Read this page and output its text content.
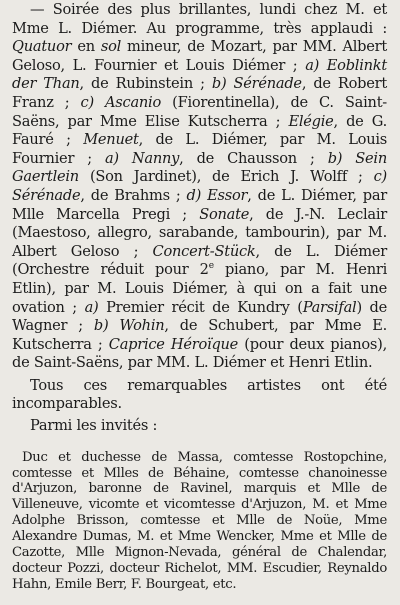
— Soirée des plus brillantes, lundi chez M. et Mme L. Diémer. Au programme, très applaudi : Quatuor en sol mineur, de Mozart, par MM. Albert Geloso, L. Fournier et Louis Diémer ; a) Eoblinkt der Than, de Rubinstein ; b) Sérénade, de Robert Franz ; c) Ascanio (Fiorentinella), de C. Saint-Saëns, par Mme Elise Kutscherra ; Elégie, de G. Fauré ; Menuet, de L. Diémer, par M. Louis Fournier ; a) Nanny, de Chausson ; b) Sein Gaertlein (Son Jardinet), de Erich J. Wolff ; c) Sérénade, de Brahms ; d) Essor, de L. Diémer, par Mlle Marcella Pregi ; Sonate, de J.-N. Leclair (Maestoso, allegro, sarabande, tambourin), par M. Albert Geloso ; Concert-Stück, de L. Diémer (Orchestre réduit pour 2e piano, par M. Henri Etlin), par M. Louis Diémer, à qui on a fait une ovation ; a) Premier récit de Kundry (Parsifal) de Wagner ; b) Wohin, de Schubert, par Mme E. Kutscherra ; Caprice Héroïque (pour deux pianos), de Saint-Saëns, par MM. L. Diémer et Henri Etlin.

Tous ces remarquables artistes ont été incomparables.

Parmi les invités :

Duc et duchesse de Massa, comtesse Rostopchine, comtesse et Mlles de Béhaine, comtesse chanoinesse d'Arjuzon, baronne de Ravinel, marquis et Mlle de Villeneuve, vicomte et vicomtesse d'Arjuzon, M. et Mme Adolphe Brisson, comtesse et Mlle de Noüe, Mme Alexandre Dumas, M. et Mme Wencker, Mme et Mlle de Cazotte, Mlle Mignon-Nevada, général de Chalendar, docteur Pozzi, docteur Richelot, MM. Escudier, Reynaldo Hahn, Emile Berr, F. Bourgeat, etc.
